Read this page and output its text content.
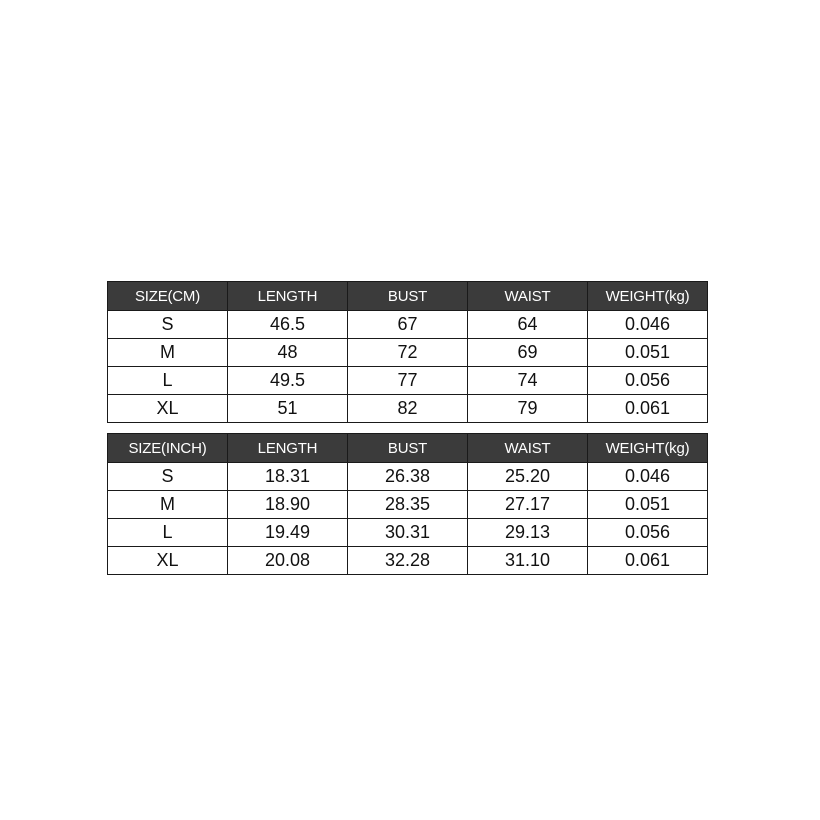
SIZE(CM)	LENGTH	BUST	WAIST	WEIGHT(kg)
S	46.5	67	64	0.046
M	48	72	69	0.051
L	49.5	77	74	0.056
XL	51	82	79	0.061
SIZE(INCH)	LENGTH	BUST	WAIST	WEIGHT(kg)
S	18.31	26.38	25.20	0.046
M	18.90	28.35	27.17	0.051
L	19.49	30.31	29.13	0.056
XL	20.08	32.28	31.10	0.061
